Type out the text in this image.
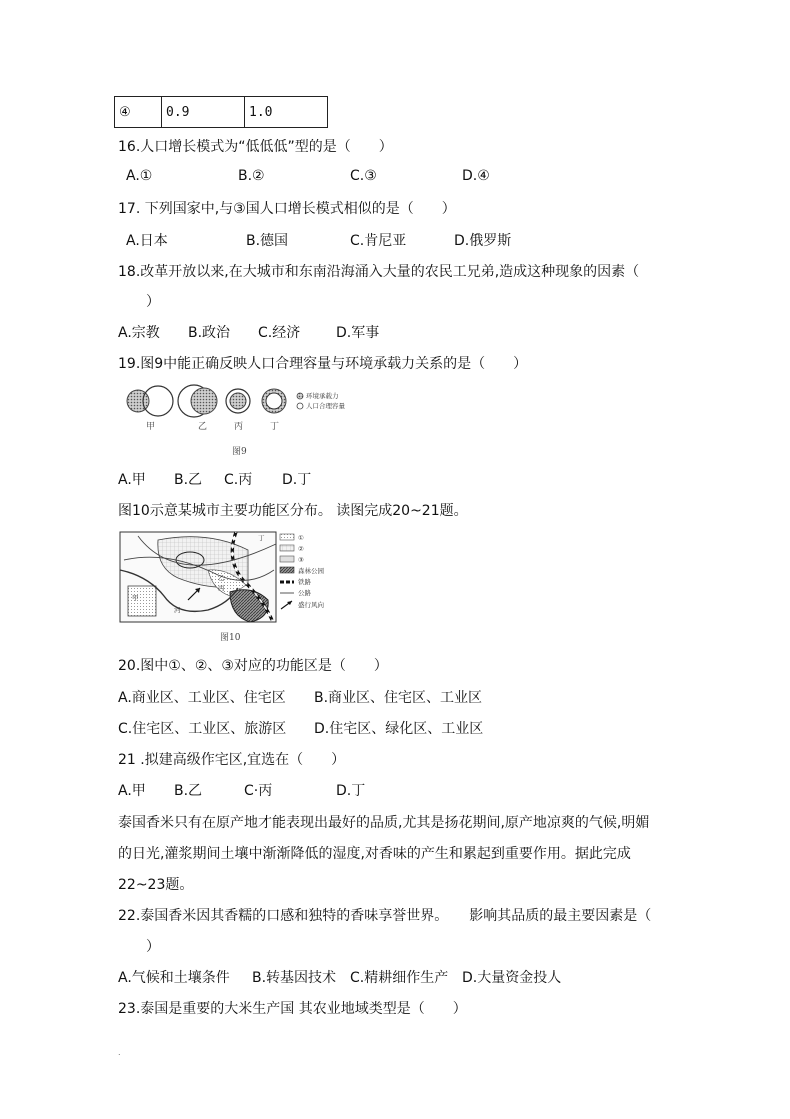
④	0.9	1.0
16.人口增长模式为“低低低”型的是（　　）
A.①	B.②	C.③	D.④
17. 下列国家中,与③国人口增长模式相似的是（　　）
A.日本	B.德国	C.肯尼亚	D.俄罗斯
18.改革开放以来,在大城市和东南沿海涌入大量的农民工兄弟,造成这种现象的因素（
）
A.宗教 B.政治 C.经济	D.军事
19.图9中能正确反映人口合理容量与环境承载力关系的是（　　）
环境承载力
人口合理容量
甲	乙	丙	丁
图9
A.甲 B.乙 C.丙 D.丁
图10示意某城市主要功能区分布。 读图完成20~21题。
甲
乙
丙
丁
河
①
②
③
森林公园
铁路
公路
盛行风向
图10
20.图中①、②、③对应的功能区是（　　）
A.商业区、工业区、住宅区 B.商业区、住宅区、工业区
C.住宅区、工业区、旅游区 D.住宅区、绿化区、工业区
21 .拟建高级作宅区,宜选在（　　）
A.甲 B.乙	C·丙	D.丁
泰国香米只有在原产地才能表现出最好的品质,尤其是扬花期间,原产地凉爽的气候,明媚
的日光,灌浆期间土壤中渐渐降低的湿度,对香味的产生和累起到重要作用。据此完成
22~23题。
22.泰国香米因其香糯的口感和独特的香味享誉世界。　　影响其品质的最主要因素是（
）
A.气候和土壤条件 B.转基因技术 C.精耕细作生产 D.大量资金投人
23.泰国是重要的大米生产国 其农业地域类型是（　　）
.
